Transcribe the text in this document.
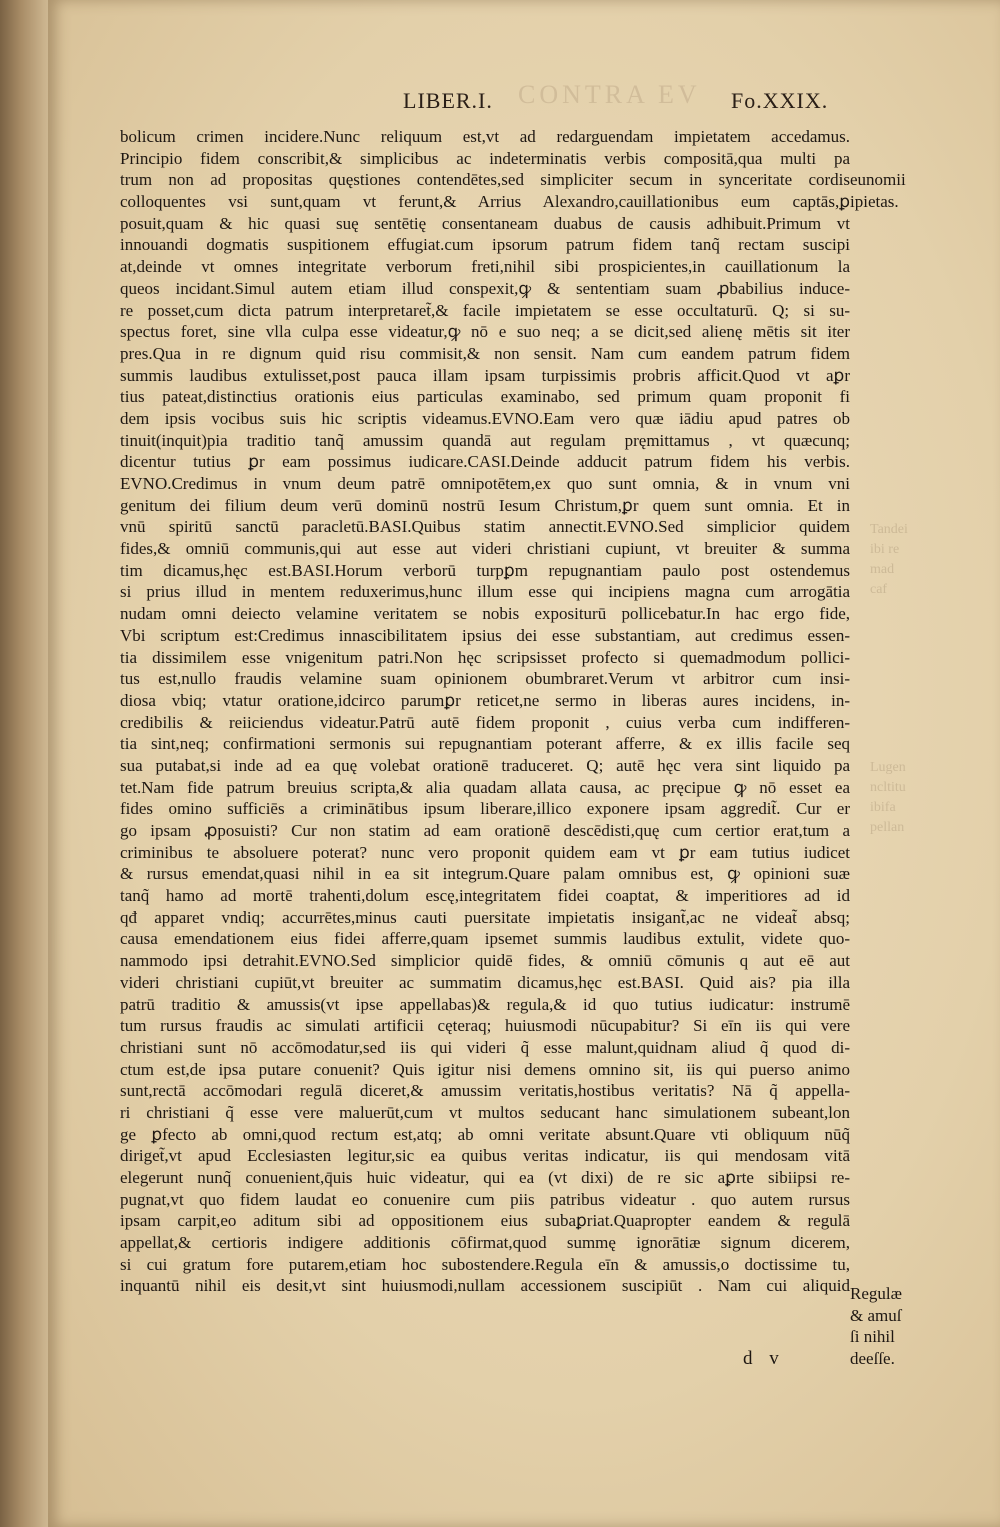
CONTRA EV
Tandei
ibi re
mad
caf
Lugen
ncltitu
ibifa
pellan
LIBER.I.	Fo.XXIX.
bolicum crimen incidere.Nunc reliquum est,vt ad redarguendam impietatem accedamus.
Principio fidem conscribit,& simplicibus ac indeterminatis verbis compositā,qua multi pa
trum non ad propositas quęstiones contendētes,sed simpliciter secum in synceritate cordis
colloquentes vsi sunt,quam vt ferunt,& Arrius Alexandro,cauillationibus eum captās,ꝑ
posuit,quam & hic quasi suę sentētię consentaneam duabus de causis adhibuit.Primum vt
innouandi dogmatis suspitionem effugiat.cum ipsorum patrum fidem tanq̃ rectam suscipi
at,deinde vt omnes integritate verborum freti,nihil sibi prospicientes,in cauillationum la
queos incidant.Simul autem etiam illud conspexit,ꝙ & sententiam suam ꝓbabilius induce-
re posset,cum dicta patrum interpretaret̃,& facile impietatem se esse occultaturū. Q; si su-
spectus foret, sine vlla culpa esse videatur,ꝙ nō e suo neq; a se dicit,sed alienę mētis sit iter
pres.Qua in re dignum quid risu commisit,& non sensit. Nam cum eandem patrum fidem
summis laudibus extulisset,post pauca illam ipsam turpissimis probris afficit.Quod vt aꝑr
tius pateat,distinctius orationis eius particulas examinabo, sed primum quam proponit fi
dem ipsis vocibus suis hic scriptis videamus.EVNO.Eam vero quæ iādiu apud patres ob
tinuit(inquit)pia traditio tanq̃ amussim quandā aut regulam pręmittamus , vt quæcunq;
dicentur tutius ꝑr eam possimus iudicare.CASI.Deinde adducit patrum fidem his verbis.
EVNO.Credimus in vnum deum patrē omnipotētem,ex quo sunt omnia, & in vnum vni
genitum dei filium deum verū dominū nostrū Iesum Christum,ꝑr quem sunt omnia. Et in
vnū spiritū sanctū paracletū.BASI.Quibus statim annectit.EVNO.Sed simplicior quidem
fides,& omniū communis,qui aut esse aut videri christiani cupiunt, vt breuiter & summa
tim dicamus,hęc est.BASI.Horum verborū turpꝑm repugnantiam paulo post ostendemus
si prius illud in mentem reduxerimus,hunc illum esse qui incipiens magna cum arrogātia
nudam omni deiecto velamine veritatem se nobis expositurū pollicebatur.In hac ergo fide,
Vbi scriptum est:Credimus innascibilitatem ipsius dei esse substantiam, aut credimus essen-
tia dissimilem esse vnigenitum patri.Non hęc scripsisset profecto si quemadmodum pollici-
tus est,nullo fraudis velamine suam opinionem obumbraret.Verum vt arbitror cum insi-
diosa vbiq; vtatur oratione,idcirco parumꝑr reticet,ne sermo in liberas aures incidens, in-
credibilis & reiiciendus videatur.Patrū autē fidem proponit , cuius verba cum indifferen-
tia sint,neq; confirmationi sermonis sui repugnantiam poterant afferre, & ex illis facile seq
sua putabat,si inde ad ea quę volebat orationē traduceret. Q; autē hęc vera sint liquido pa
tet.Nam fide patrum breuius scripta,& alia quadam allata causa, ac pręcipue ꝙ nō esset ea
fides omino sufficiēs a criminātibus ipsum liberare,illico exponere ipsam aggredit̃. Cur er
go ipsam ꝓposuisti? Cur non statim ad eam orationē descēdisti,quę cum certior erat,tum a
criminibus te absoluere poterat? nunc vero proponit quidem eam vt ꝑr eam tutius iudicet
& rursus emendat,quasi nihil in ea sit integrum.Quare palam omnibus est, ꝙ opinioni suæ
tanq̃ hamo ad mortē trahenti,dolum escę,integritatem fidei coaptat, & imperitiores ad id
qđ apparet vndiq; accurrētes,minus cauti puersitate impietatis insigant̃,ac ne videat̃ absq;
causa emendationem eius fidei afferre,quam ipsemet summis laudibus extulit, videte quo-
nammodo ipsi detrahit.EVNO.Sed simplicior quidē fides, & omniū cōmunis q aut eē aut
videri christiani cupiūt,vt breuiter ac summatim dicamus,hęc est.BASI. Quid ais? pia illa
patrū traditio & amussis(vt ipse appellabas)& regula,& id quo tutius iudicatur: instrumē
tum rursus fraudis ac simulati artificii cęteraq; huiusmodi nūcupabitur? Si eīn iis qui vere
christiani sunt nō accōmodatur,sed iis qui videri q̃ esse malunt,quidnam aliud q̃ quod di-
ctum est,de ipsa putare conuenit? Quis igitur nisi demens omnino sit, iis qui puerso animo
sunt,rectā accōmodari regulā diceret,& amussim veritatis,hostibus veritatis? Nā q̃ appella-
ri christiani q̃ esse vere maluerūt,cum vt multos seducant hanc simulationem subeant,lon
ge ꝑfecto ab omni,quod rectum est,atq; ab omni veritate absunt.Quare vti obliquum nūq̃
diriget̃,vt apud Ecclesiasten legitur,sic ea quibus veritas indicatur, iis qui mendosam vitā
elegerunt nunq̃ conuenient,q̄uis huic videatur, qui ea (vt dixi) de re sic aꝑrte sibiipsi re-
pugnat,vt quo fidem laudat eo conuenire cum piis patribus videatur . quo autem rursus
ipsam carpit,eo aditum sibi ad oppositionem eius subaꝑriat.Quapropter eandem & regulā
appellat,& certioris indigere additionis cōfirmat,quod summę ignorātiæ signum dicerem,
si cui gratum fore putarem,etiam hoc subostendere.Regula eīn & amussis,o doctissime tu,
inquantū nihil eis desit,vt sint huiusmodi,nullam accessionem suscipiūt . Nam cui aliquid
eunomii
ipietas.
Regulæ
& amuſ
ſi nihil
deeſſe.
d v
